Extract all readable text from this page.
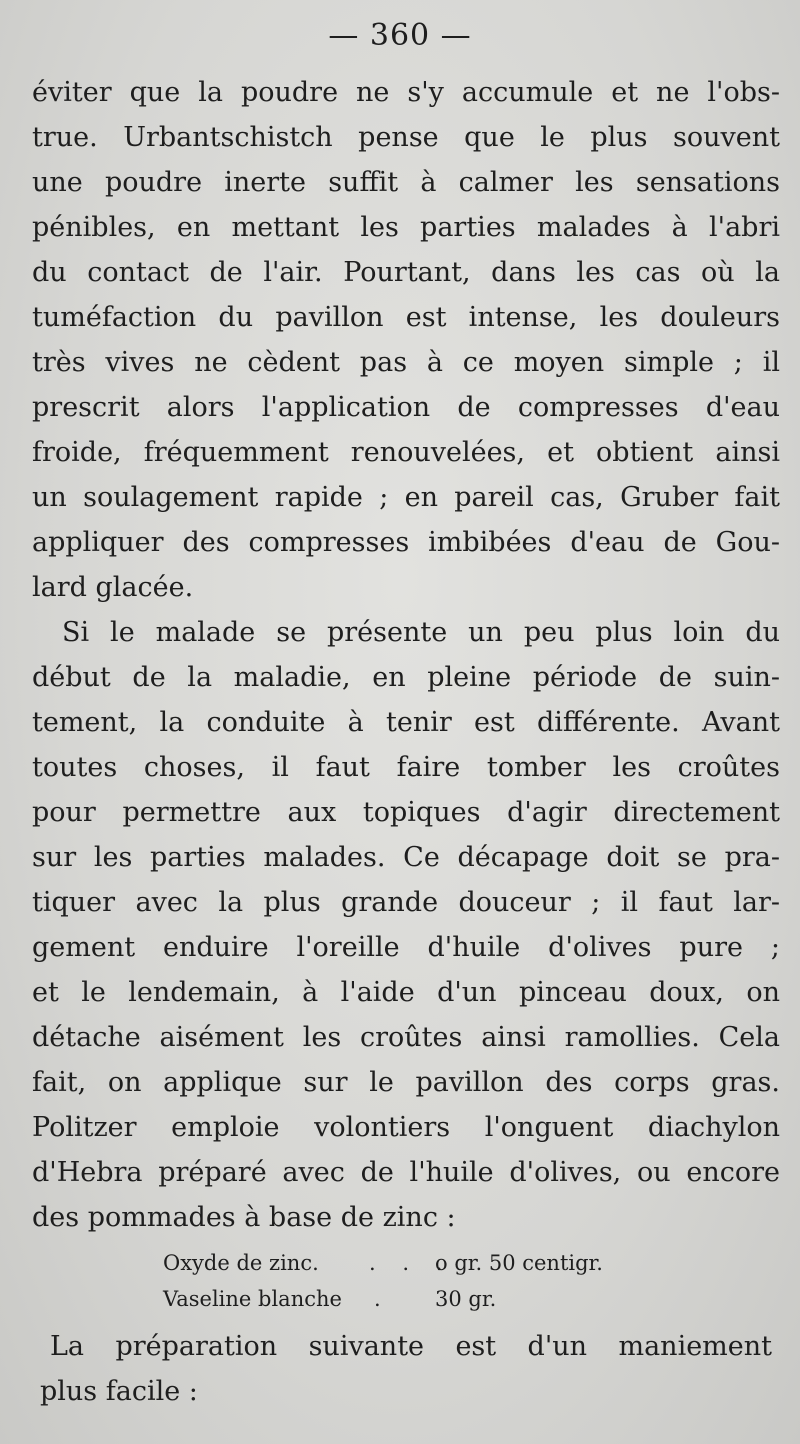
— 360 —
éviter que la poudre ne s'y accumule et ne l'obs-
true. Urbantschistch pense que le plus souvent
une poudre inerte suffit à calmer les sensations
pénibles, en mettant les parties malades à l'abri
du contact de l'air. Pourtant, dans les cas où la
tuméfaction du pavillon est intense, les douleurs
très vives ne cèdent pas à ce moyen simple ; il
prescrit alors l'application de compresses d'eau
froide, fréquemment renouvelées, et obtient ainsi
un soulagement rapide ; en pareil cas, Gruber fait
appliquer des compresses imbibées d'eau de Gou-
lard glacée.
Si le malade se présente un peu plus loin du
début de la maladie, en pleine période de suin-
tement, la conduite à tenir est différente. Avant
toutes choses, il faut faire tomber les croûtes
pour permettre aux topiques d'agir directement
sur les parties malades. Ce décapage doit se pra-
tiquer avec la plus grande douceur ; il faut lar-
gement enduire l'oreille d'huile d'olives pure ;
et le lendemain, à l'aide d'un pinceau doux, on
détache aisément les croûtes ainsi ramollies. Cela
fait, on applique sur le pavillon des corps gras.
Politzer emploie volontiers l'onguent diachylon
d'Hebra préparé avec de l'huile d'olives, ou encore
des pommades à base de zinc :
Oxyde de zinc. . . .o gr. 50 centigr.
Vaseline blanche . 30 gr.
La préparation suivante est d'un maniement
plus facile :
